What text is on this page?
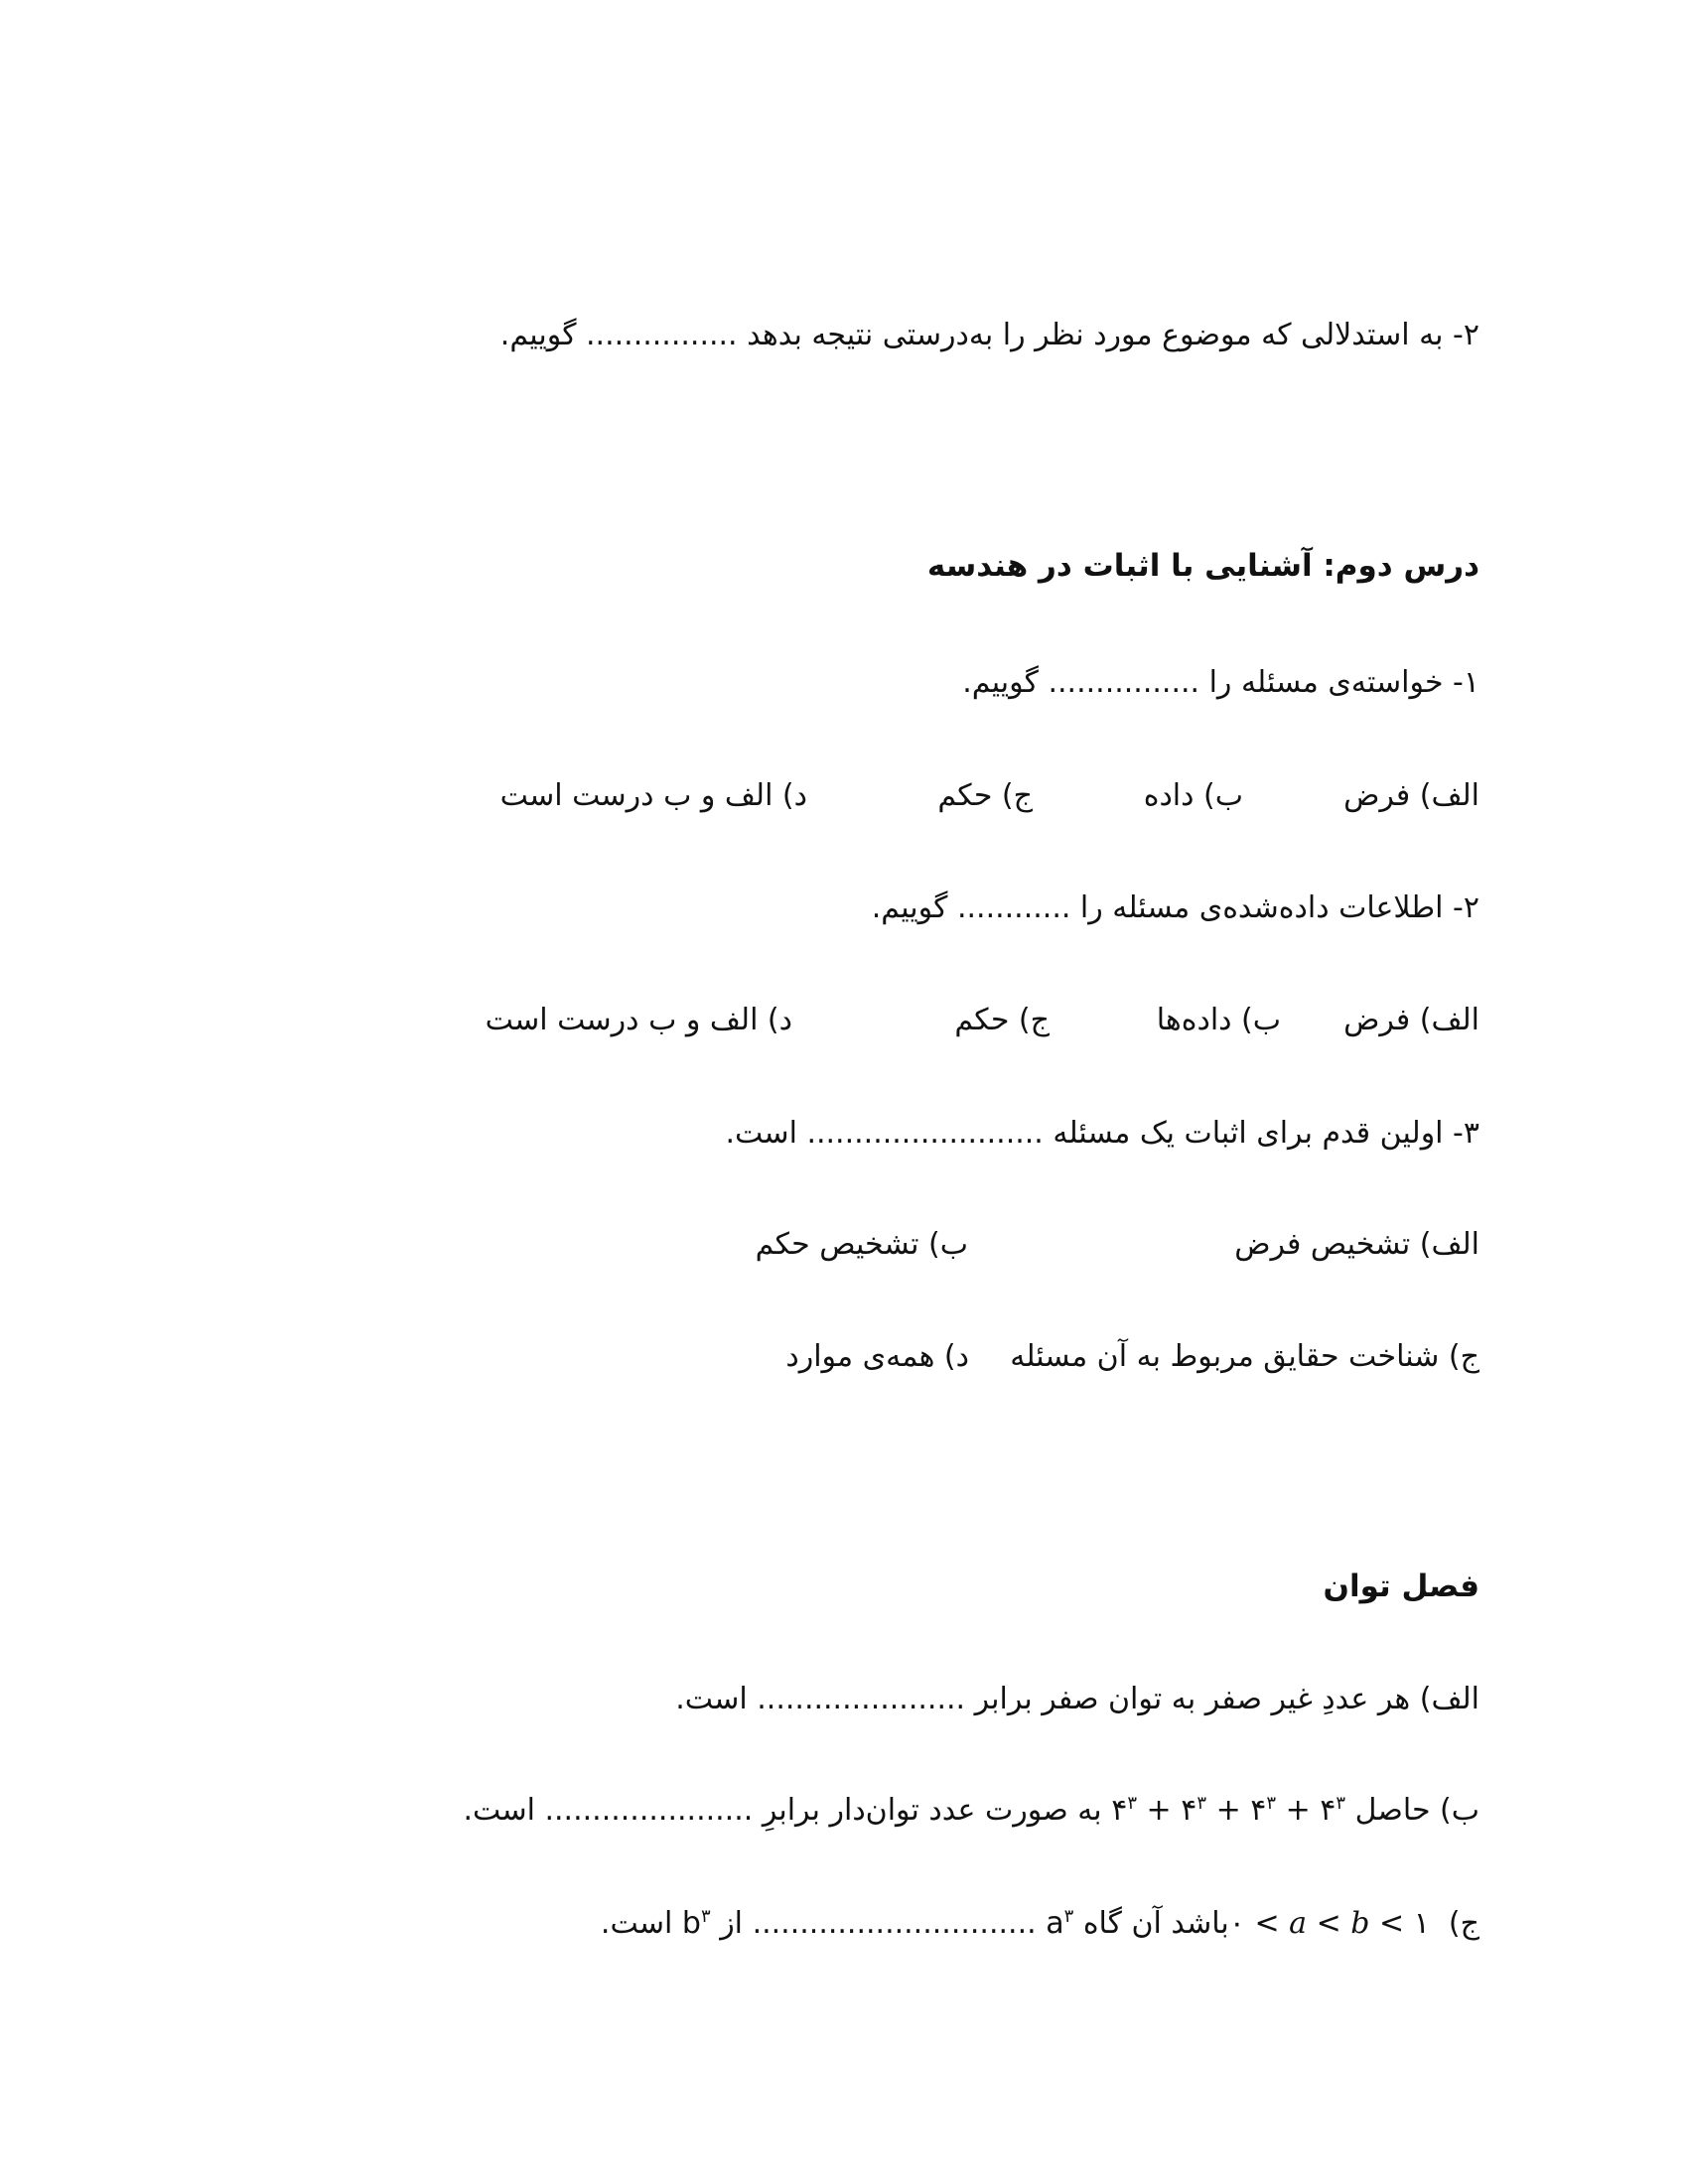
۲- به استدلالی که موضوع مورد نظر را به‌درستی نتیجه بدهد ................ گوییم.
درس دوم: آشنایی با اثبات در هندسه
۱- خواسته‌ی مسئله را ................ گوییم.
الف) فرض
ب) داده
ج) حکم
د) الف و ب درست است
۲- اطلاعات داده‌شده‌ی مسئله را ............ گوییم.
الف) فرض
ب) داده‌ها
ج) حکم
د) الف و ب درست است
۳- اولین قدم برای اثبات یک مسئله ......................... است.
الف) تشخیص فرض
ب) تشخیص حکم
ج) شناخت حقایق مربوط به آن مسئله
د) همه‌ی موارد
فصل توان
الف) هر عددِ غیر صفر به توان صفر برابر ...................... است.
ب) حاصل $۴^۳$ + $۴^۳$ + $۴^۳$ + $۴^۳$ به صورت عدد توان‌دار برابرِ ...................... است.
ج) ۰ < a < b < ۱ باشد آن گاه $a^۳$ .............................. از $b^۳$ است.
